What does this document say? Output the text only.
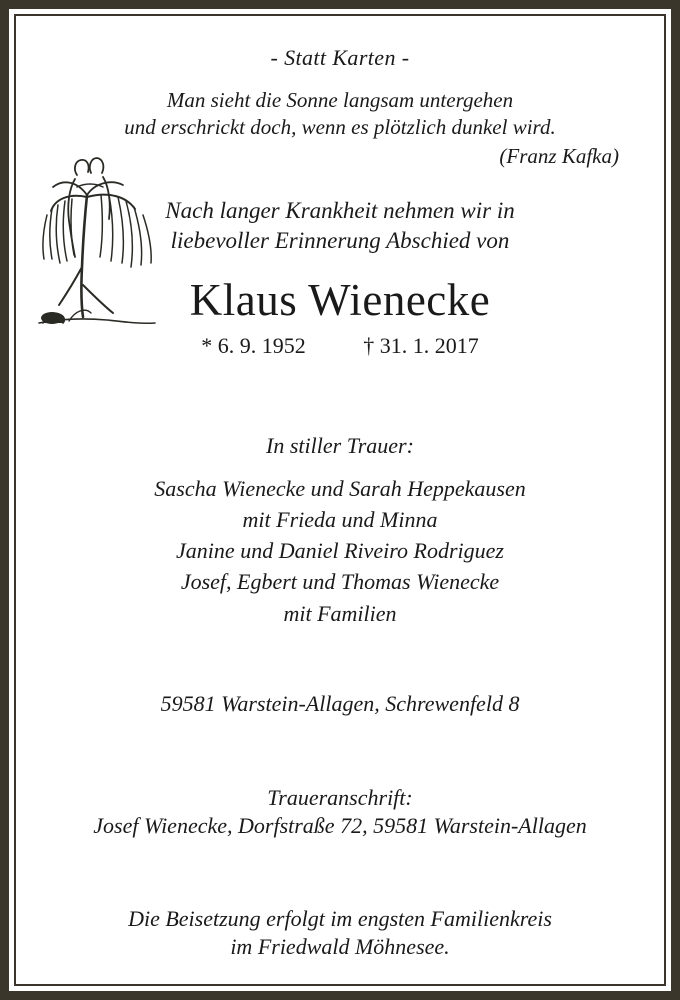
- Statt Karten -
Man sieht die Sonne langsam untergehen
und erschrickt doch, wenn es plötzlich dunkel wird.
(Franz Kafka)
Nach langer Krankheit nehmen wir in
liebevoller Erinnerung Abschied von
Klaus Wienecke
* 6. 9. 1952	† 31. 1. 2017
In stiller Trauer:
Sascha Wienecke und Sarah Heppekausen
mit Frieda und Minna
Janine und Daniel Riveiro Rodriguez
Josef, Egbert und Thomas Wienecke
mit Familien
59581 Warstein-Allagen, Schrewenfeld 8
Traueranschrift:
Josef Wienecke, Dorfstraße 72, 59581 Warstein-Allagen
Die Beisetzung erfolgt im engsten Familienkreis
im Friedwald Möhnesee.
